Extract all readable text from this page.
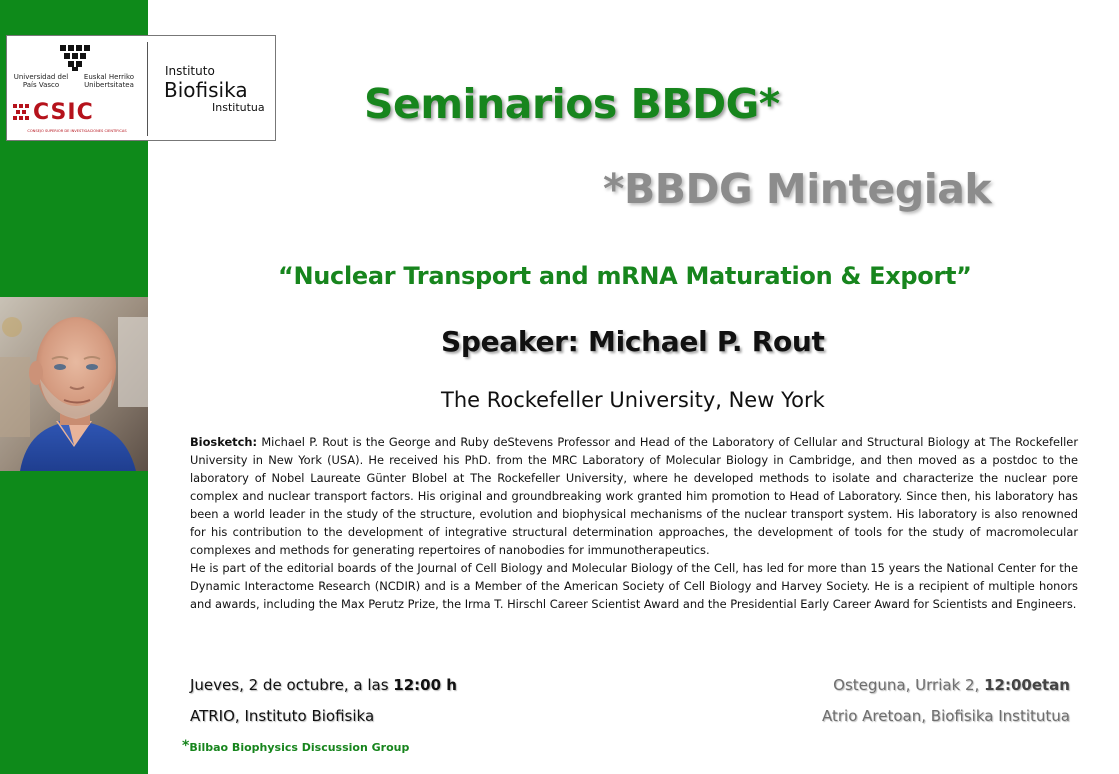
Universidad del País Vasco
Euskal Herriko Unibertsitatea
CSIC
CONSEJO SUPERIOR DE INVESTIGACIONES CIENTÍFICAS
Instituto
Biofisika
Institutua Seminarios BBDG*
*BBDG Mintegiak
“Nuclear Transport and mRNA Maturation & Export”
Speaker: Michael P. Rout
The Rockefeller University, New York

Biosketch: Michael P. Rout is the George and Ruby deStevens Professor and Head of the Laboratory of Cellular and Structural Biology at The Rockefeller University in New York (USA). He received his PhD. from the MRC Laboratory of Molecular Biology in Cambridge, and then moved as a postdoc to the laboratory of Nobel Laureate Günter Blobel at The Rockefeller University, where he developed methods to isolate and characterize the nuclear pore complex and nuclear transport factors. His original and groundbreaking work granted him promotion to Head of Laboratory. Since then, his laboratory has been a world leader in the study of the structure, evolution and biophysical mechanisms of the nuclear transport system. His laboratory is also renowned for his contribution to the development of integrative structural determination approaches, the development of tools for the study of macromolecular complexes and methods for generating repertoires of nanobodies for immunotherapeutics.

He is part of the editorial boards of the Journal of Cell Biology and Molecular Biology of the Cell, has led for more than 15 years the National Center for the Dynamic Interactome Research (NCDIR) and is a Member of the American Society of Cell Biology and Harvey Society. He is a recipient of multiple honors and awards, including the Max Perutz Prize, the Irma T. Hirschl Career Scientist Award and the Presidential Early Career Award for Scientists and Engineers.

Jueves, 2 de octubre, a las 12:00 h
ATRIO, Instituto Biofisika
Osteguna, Urriak 2, 12:00etan
Atrio Aretoan, Biofisika Institutua
*Bilbao Biophysics Discussion Group
